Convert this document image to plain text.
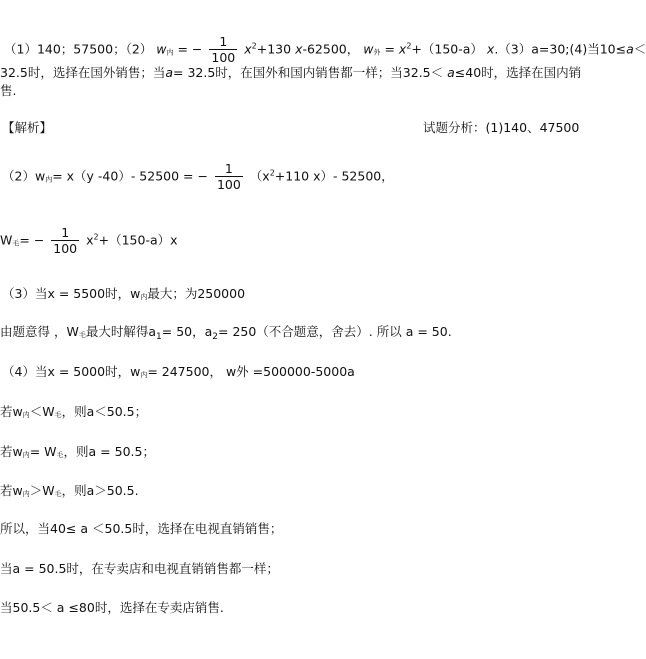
（1）140；57500；（2） w内 = − $\frac{1}{100} x^2+130$ x-62500， w外 = $x^2+(150-a)$ x.（3）a=30;(4)当10≤a＜
32.5时，选择在国外销售；当a= 32.5时，在国外和国内销售都一样；当32.5＜ a≤40时，选择在国内销
售.
【解析】	试题分析：(1)140、47500
（2）w内= x（y -40）- 52500 = − $\frac{1}{100} (x^2+110$ x）- 52500，
W毛= − $\frac{1}{100} x^2+(150-a)x$
（3）当x = 5500时，w内最大；为250000
由题意得 ，W毛最大时解得$a_1= 50$，$a_2= 250$（不合题意，舍去）. 所以 a = 50.
（4）当x = 5000时，w内= 247500， w外 =500000-5000a
若w内＜W毛，则a＜50.5；
若w内= W毛，则a = 50.5；
若w内＞W毛，则a＞50.5.
所以，当40≤ a ＜50.5时，选择在电视直销销售；
当a = 50.5时，在专卖店和电视直销销售都一样；
当50.5＜ a ≤80时，选择在专卖店销售.
